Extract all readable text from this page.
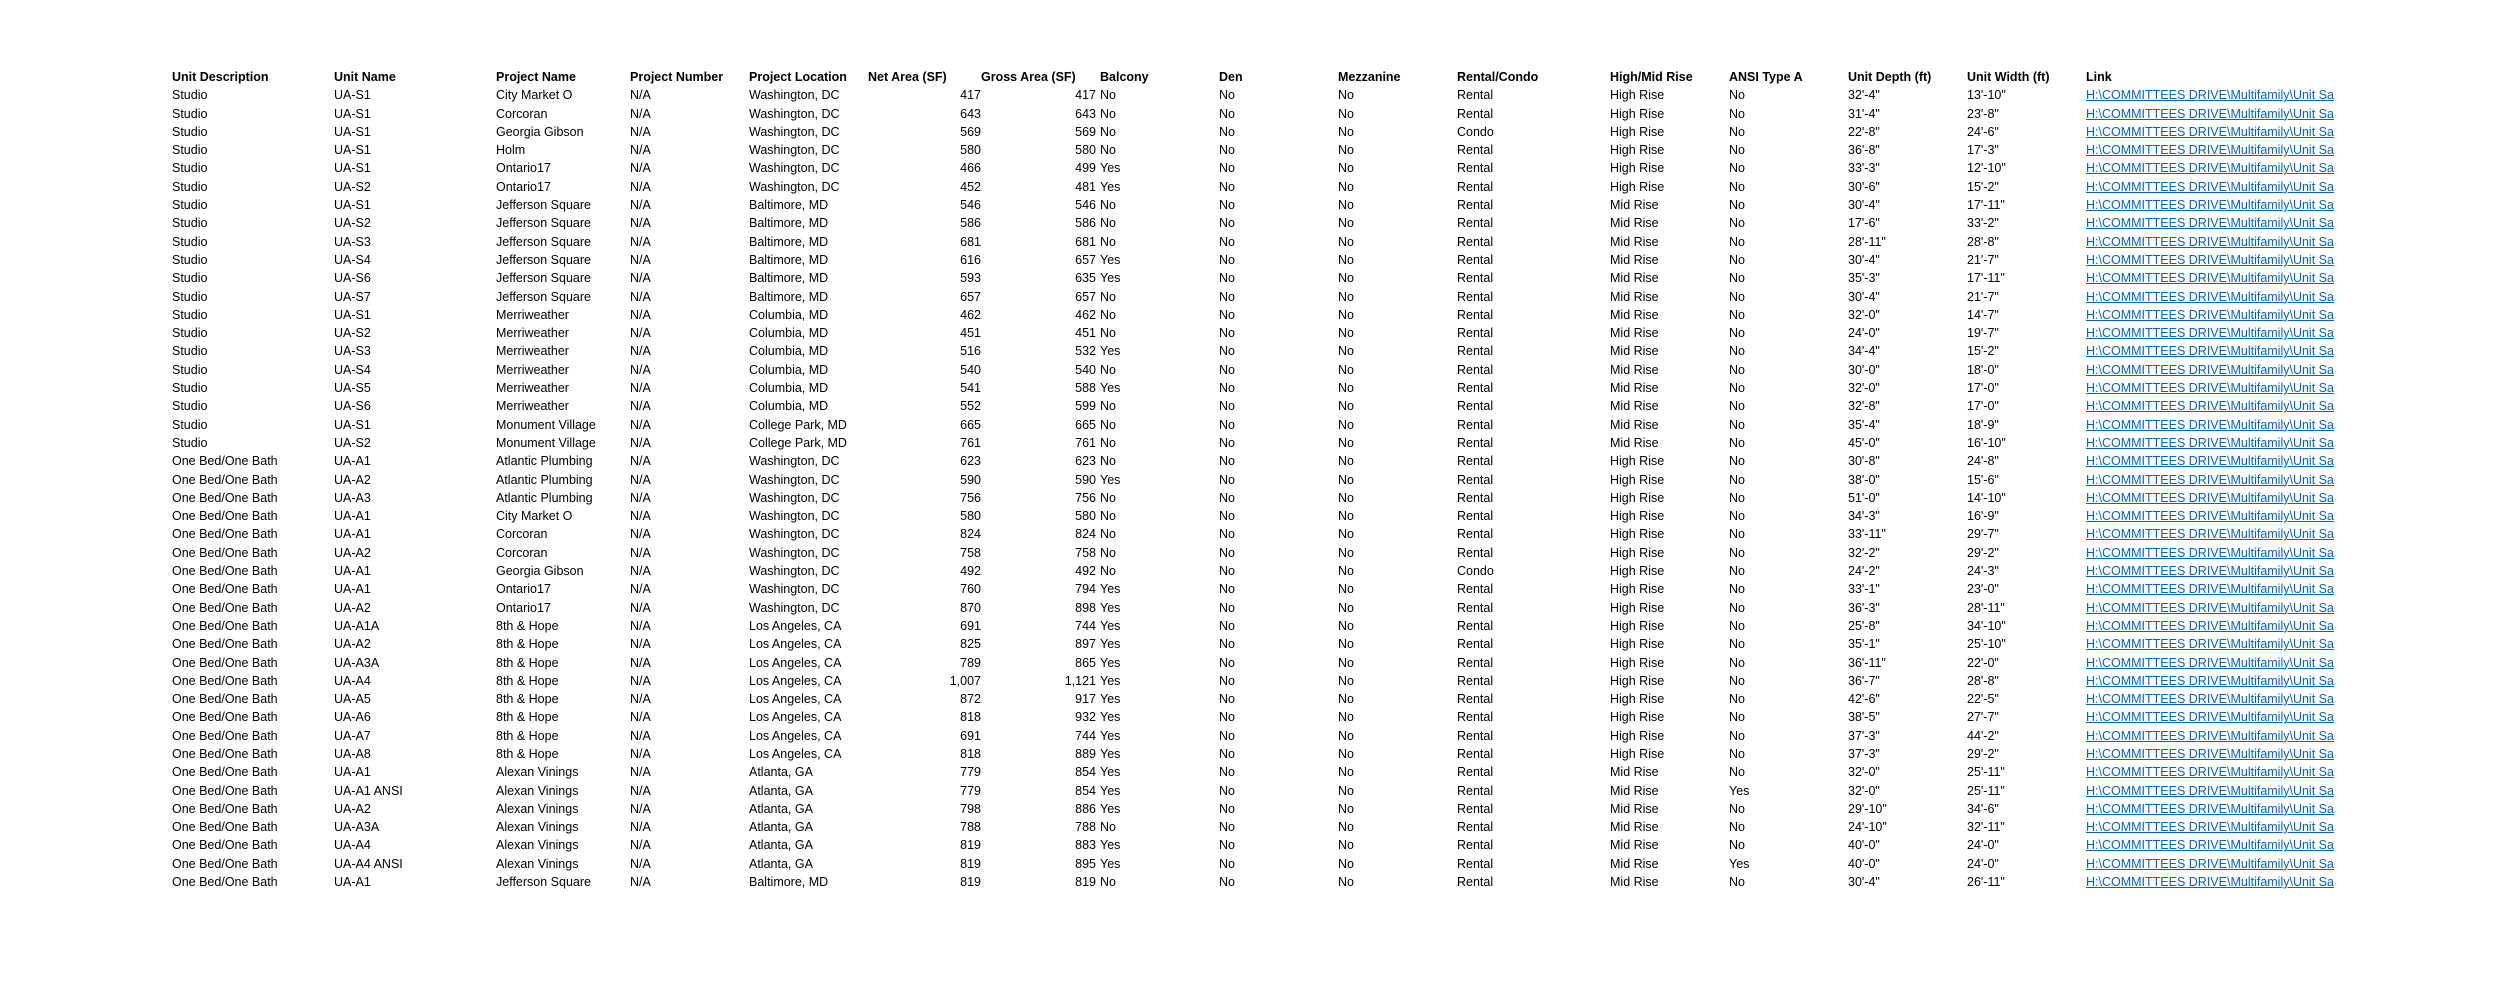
Unit Description	Unit Name	Project Name	Project Number	Project Location	Net Area (SF)	Gross Area (SF)	Balcony	Den	Mezzanine	Rental/Condo	High/Mid Rise	ANSI Type A	Unit Depth (ft)	Unit Width (ft)	Link
Studio	UA-S1	City Market O	N/A	Washington, DC	417	417	No	No	No	Rental	High Rise	No	32'-4"	13'-10"	H:\COMMITTEES DRIVE\Multifamily\Unit Sa
Studio	UA-S1	Corcoran	N/A	Washington, DC	643	643	No	No	No	Rental	High Rise	No	31'-4"	23'-8"	H:\COMMITTEES DRIVE\Multifamily\Unit Sa
Studio	UA-S1	Georgia Gibson	N/A	Washington, DC	569	569	No	No	No	Condo	High Rise	No	22'-8"	24'-6"	H:\COMMITTEES DRIVE\Multifamily\Unit Sa
Studio	UA-S1	Holm	N/A	Washington, DC	580	580	No	No	No	Rental	High Rise	No	36'-8"	17'-3"	H:\COMMITTEES DRIVE\Multifamily\Unit Sa
Studio	UA-S1	Ontario17	N/A	Washington, DC	466	499	Yes	No	No	Rental	High Rise	No	33'-3"	12'-10"	H:\COMMITTEES DRIVE\Multifamily\Unit Sa
Studio	UA-S2	Ontario17	N/A	Washington, DC	452	481	Yes	No	No	Rental	High Rise	No	30'-6"	15'-2"	H:\COMMITTEES DRIVE\Multifamily\Unit Sa
Studio	UA-S1	Jefferson Square	N/A	Baltimore, MD	546	546	No	No	No	Rental	Mid Rise	No	30'-4"	17'-11"	H:\COMMITTEES DRIVE\Multifamily\Unit Sa
Studio	UA-S2	Jefferson Square	N/A	Baltimore, MD	586	586	No	No	No	Rental	Mid Rise	No	17'-6"	33'-2"	H:\COMMITTEES DRIVE\Multifamily\Unit Sa
Studio	UA-S3	Jefferson Square	N/A	Baltimore, MD	681	681	No	No	No	Rental	Mid Rise	No	28'-11"	28'-8"	H:\COMMITTEES DRIVE\Multifamily\Unit Sa
Studio	UA-S4	Jefferson Square	N/A	Baltimore, MD	616	657	Yes	No	No	Rental	Mid Rise	No	30'-4"	21'-7"	H:\COMMITTEES DRIVE\Multifamily\Unit Sa
Studio	UA-S6	Jefferson Square	N/A	Baltimore, MD	593	635	Yes	No	No	Rental	Mid Rise	No	35'-3"	17'-11"	H:\COMMITTEES DRIVE\Multifamily\Unit Sa
Studio	UA-S7	Jefferson Square	N/A	Baltimore, MD	657	657	No	No	No	Rental	Mid Rise	No	30'-4"	21'-7"	H:\COMMITTEES DRIVE\Multifamily\Unit Sa
Studio	UA-S1	Merriweather	N/A	Columbia, MD	462	462	No	No	No	Rental	Mid Rise	No	32'-0"	14'-7"	H:\COMMITTEES DRIVE\Multifamily\Unit Sa
Studio	UA-S2	Merriweather	N/A	Columbia, MD	451	451	No	No	No	Rental	Mid Rise	No	24'-0"	19'-7"	H:\COMMITTEES DRIVE\Multifamily\Unit Sa
Studio	UA-S3	Merriweather	N/A	Columbia, MD	516	532	Yes	No	No	Rental	Mid Rise	No	34'-4"	15'-2"	H:\COMMITTEES DRIVE\Multifamily\Unit Sa
Studio	UA-S4	Merriweather	N/A	Columbia, MD	540	540	No	No	No	Rental	Mid Rise	No	30'-0"	18'-0"	H:\COMMITTEES DRIVE\Multifamily\Unit Sa
Studio	UA-S5	Merriweather	N/A	Columbia, MD	541	588	Yes	No	No	Rental	Mid Rise	No	32'-0"	17'-0"	H:\COMMITTEES DRIVE\Multifamily\Unit Sa
Studio	UA-S6	Merriweather	N/A	Columbia, MD	552	599	No	No	No	Rental	Mid Rise	No	32'-8"	17'-0"	H:\COMMITTEES DRIVE\Multifamily\Unit Sa
Studio	UA-S1	Monument Village	N/A	College Park, MD	665	665	No	No	No	Rental	Mid Rise	No	35'-4"	18'-9"	H:\COMMITTEES DRIVE\Multifamily\Unit Sa
Studio	UA-S2	Monument Village	N/A	College Park, MD	761	761	No	No	No	Rental	Mid Rise	No	45'-0"	16'-10"	H:\COMMITTEES DRIVE\Multifamily\Unit Sa
One Bed/One Bath	UA-A1	Atlantic Plumbing	N/A	Washington, DC	623	623	No	No	No	Rental	High Rise	No	30'-8"	24'-8"	H:\COMMITTEES DRIVE\Multifamily\Unit Sa
One Bed/One Bath	UA-A2	Atlantic Plumbing	N/A	Washington, DC	590	590	Yes	No	No	Rental	High Rise	No	38'-0"	15'-6"	H:\COMMITTEES DRIVE\Multifamily\Unit Sa
One Bed/One Bath	UA-A3	Atlantic Plumbing	N/A	Washington, DC	756	756	No	No	No	Rental	High Rise	No	51'-0"	14'-10"	H:\COMMITTEES DRIVE\Multifamily\Unit Sa
One Bed/One Bath	UA-A1	City Market O	N/A	Washington, DC	580	580	No	No	No	Rental	High Rise	No	34'-3"	16'-9"	H:\COMMITTEES DRIVE\Multifamily\Unit Sa
One Bed/One Bath	UA-A1	Corcoran	N/A	Washington, DC	824	824	No	No	No	Rental	High Rise	No	33'-11"	29'-7"	H:\COMMITTEES DRIVE\Multifamily\Unit Sa
One Bed/One Bath	UA-A2	Corcoran	N/A	Washington, DC	758	758	No	No	No	Rental	High Rise	No	32'-2"	29'-2"	H:\COMMITTEES DRIVE\Multifamily\Unit Sa
One Bed/One Bath	UA-A1	Georgia Gibson	N/A	Washington, DC	492	492	No	No	No	Condo	High Rise	No	24'-2"	24'-3"	H:\COMMITTEES DRIVE\Multifamily\Unit Sa
One Bed/One Bath	UA-A1	Ontario17	N/A	Washington, DC	760	794	Yes	No	No	Rental	High Rise	No	33'-1"	23'-0"	H:\COMMITTEES DRIVE\Multifamily\Unit Sa
One Bed/One Bath	UA-A2	Ontario17	N/A	Washington, DC	870	898	Yes	No	No	Rental	High Rise	No	36'-3"	28'-11"	H:\COMMITTEES DRIVE\Multifamily\Unit Sa
One Bed/One Bath	UA-A1A	8th & Hope	N/A	Los Angeles, CA	691	744	Yes	No	No	Rental	High Rise	No	25'-8"	34'-10"	H:\COMMITTEES DRIVE\Multifamily\Unit Sa
One Bed/One Bath	UA-A2	8th & Hope	N/A	Los Angeles, CA	825	897	Yes	No	No	Rental	High Rise	No	35'-1"	25'-10"	H:\COMMITTEES DRIVE\Multifamily\Unit Sa
One Bed/One Bath	UA-A3A	8th & Hope	N/A	Los Angeles, CA	789	865	Yes	No	No	Rental	High Rise	No	36'-11"	22'-0"	H:\COMMITTEES DRIVE\Multifamily\Unit Sa
One Bed/One Bath	UA-A4	8th & Hope	N/A	Los Angeles, CA	1,007	1,121	Yes	No	No	Rental	High Rise	No	36'-7"	28'-8"	H:\COMMITTEES DRIVE\Multifamily\Unit Sa
One Bed/One Bath	UA-A5	8th & Hope	N/A	Los Angeles, CA	872	917	Yes	No	No	Rental	High Rise	No	42'-6"	22'-5"	H:\COMMITTEES DRIVE\Multifamily\Unit Sa
One Bed/One Bath	UA-A6	8th & Hope	N/A	Los Angeles, CA	818	932	Yes	No	No	Rental	High Rise	No	38'-5"	27'-7"	H:\COMMITTEES DRIVE\Multifamily\Unit Sa
One Bed/One Bath	UA-A7	8th & Hope	N/A	Los Angeles, CA	691	744	Yes	No	No	Rental	High Rise	No	37'-3"	44'-2"	H:\COMMITTEES DRIVE\Multifamily\Unit Sa
One Bed/One Bath	UA-A8	8th & Hope	N/A	Los Angeles, CA	818	889	Yes	No	No	Rental	High Rise	No	37'-3"	29'-2"	H:\COMMITTEES DRIVE\Multifamily\Unit Sa
One Bed/One Bath	UA-A1	Alexan Vinings	N/A	Atlanta, GA	779	854	Yes	No	No	Rental	Mid Rise	No	32'-0"	25'-11"	H:\COMMITTEES DRIVE\Multifamily\Unit Sa
One Bed/One Bath	UA-A1 ANSI	Alexan Vinings	N/A	Atlanta, GA	779	854	Yes	No	No	Rental	Mid Rise	Yes	32'-0"	25'-11"	H:\COMMITTEES DRIVE\Multifamily\Unit Sa
One Bed/One Bath	UA-A2	Alexan Vinings	N/A	Atlanta, GA	798	886	Yes	No	No	Rental	Mid Rise	No	29'-10"	34'-6"	H:\COMMITTEES DRIVE\Multifamily\Unit Sa
One Bed/One Bath	UA-A3A	Alexan Vinings	N/A	Atlanta, GA	788	788	No	No	No	Rental	Mid Rise	No	24'-10"	32'-11"	H:\COMMITTEES DRIVE\Multifamily\Unit Sa
One Bed/One Bath	UA-A4	Alexan Vinings	N/A	Atlanta, GA	819	883	Yes	No	No	Rental	Mid Rise	No	40'-0"	24'-0"	H:\COMMITTEES DRIVE\Multifamily\Unit Sa
One Bed/One Bath	UA-A4 ANSI	Alexan Vinings	N/A	Atlanta, GA	819	895	Yes	No	No	Rental	Mid Rise	Yes	40'-0"	24'-0"	H:\COMMITTEES DRIVE\Multifamily\Unit Sa
One Bed/One Bath	UA-A1	Jefferson Square	N/A	Baltimore, MD	819	819	No	No	No	Rental	Mid Rise	No	30'-4"	26'-11"	H:\COMMITTEES DRIVE\Multifamily\Unit Sa
